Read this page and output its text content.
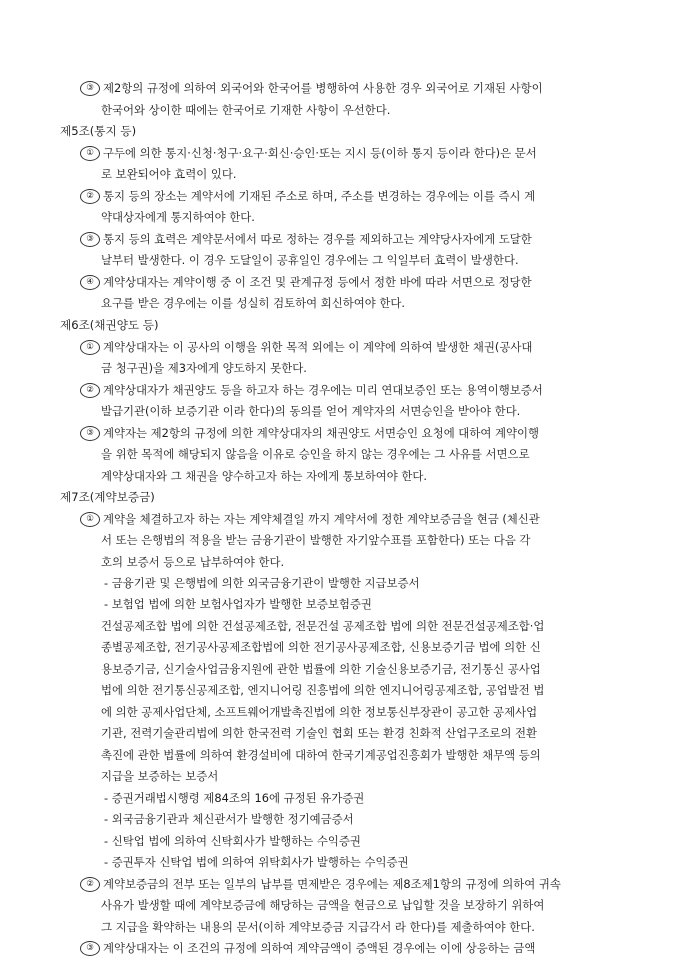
③ 제2항의 규정에 의하여 외국어와 한국어를 병행하여 사용한 경우 외국어로 기재된 사항이
한국어와 상이한 때에는 한국어로 기재한 사항이 우선한다.
제5조(통지 등)
① 구두에 의한 통지·신청·청구·요구·회신·승인·또는 지시 등(이하 통지 등이라 한다)은 문서
로 보완되어야 효력이 있다.
② 통지 등의 장소는 계약서에 기재된 주소로 하며, 주소를 변경하는 경우에는 이를 즉시 계
약대상자에게 통지하여야 한다.
③ 통지 등의 효력은 계약문서에서 따로 정하는 경우를 제외하고는 계약당사자에게 도달한
날부터 발생한다. 이 경우 도달일이 공휴일인 경우에는 그 익일부터 효력이 발생한다.
④ 계약상대자는 계약이행 중 이 조건 및 관계규정 등에서 정한 바에 따라 서면으로 정당한
요구를 받은 경우에는 이를 성실히 검토하여 회신하여야 한다.
제6조(채권양도 등)
① 계약상대자는 이 공사의 이행을 위한 목적 외에는 이 계약에 의하여 발생한 채권(공사대
금 청구권)을 제3자에게 양도하지 못한다.
② 계약상대자가 채권양도 등을 하고자 하는 경우에는 미리 연대보증인 또는 용역이행보증서
발급기관(이하 보증기관 이라 한다)의 동의를 얻어 계약자의 서면승인을 받아야 한다.
③ 계약자는 제2항의 규정에 의한 계약상대자의 채권양도 서면승인 요청에 대하여 계약이행
을 위한 목적에 해당되지 않음을 이유로 승인을 하지 않는 경우에는 그 사유를 서면으로
계약상대자와 그 채권을 양수하고자 하는 자에게 통보하여야 한다.
제7조(계약보증금)
① 계약을 체결하고자 하는 자는 계약체결일 까지 계약서에 정한 계약보증금을 현금 (체신관
서 또는 은행법의 적용을 받는 금융기관이 발행한 자기앞수표를 포함한다) 또는 다음 각
호의 보증서 등으로 납부하여야 한다.
- 금융기관 및 은행법에 의한 외국금융기관이 발행한 지급보증서
- 보험업 법에 의한 보험사업자가 발행한 보증보험증권
건설공제조합 법에 의한 건설공제조합, 전문건설 공제조합 법에 의한 전문건설공제조합·업
종별공제조합, 전기공사공제조합법에 의한 전기공사공제조합, 신용보증기금 법에 의한 신
용보증기금, 신기술사업금융지원에 관한 법률에 의한 기술신용보증기금, 전기통신 공사업
법에 의한 전기통신공제조합, 엔지니어링 진흥법에 의한 엔지니어링공제조합, 공업발전 법
에 의한 공제사업단체, 소프트웨어개발촉진법에 의한 정보통신부장관이 공고한 공제사업
기관, 전력기술관리법에 의한 한국전력 기술인 협회 또는 환경 친화적 산업구조로의 전환
촉진에 관한 법률에 의하여 환경설비에 대하여 한국기계공업진흥회가 발행한 채무액 등의
지급을 보증하는 보증서
- 증권거래법시행령 제84조의 16에 규정된 유가증권
- 외국금융기관과 체신관서가 발행한 정기예금증서
- 신탁업 법에 의하여 신탁회사가 발행하는 수익증권
- 증권투자 신탁업 법에 의하여 위탁회사가 발행하는 수익증권
② 계약보증금의 전부 또는 일부의 납부를 면제받은 경우에는 제8조제1항의 규정에 의하여 귀속
사유가 발생할 때에 계약보증금에 해당하는 금액을 현금으로 납입할 것을 보장하기 위하여
그 지급을 확약하는 내용의 문서(이하 계약보증금 지급각서 라 한다)를 제출하여야 한다.
③ 계약상대자는 이 조건의 규정에 의하여 계약금액이 증액된 경우에는 이에 상응하는 금액
